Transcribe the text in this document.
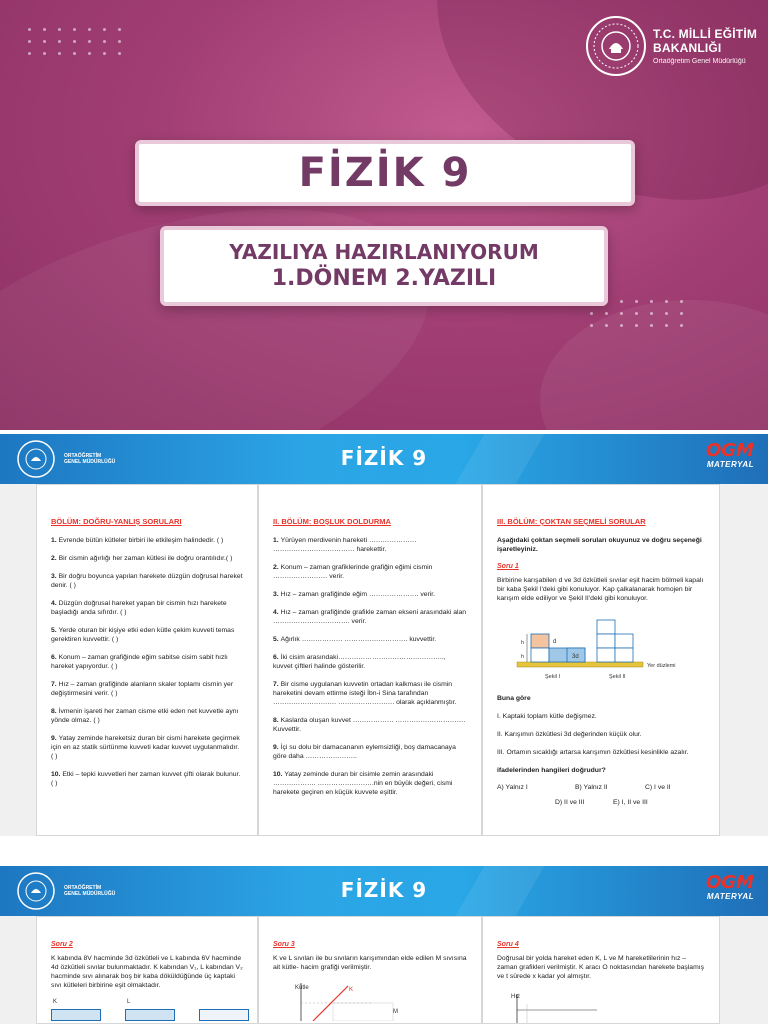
T.C. MİLLİ EĞİTİM
BAKANLIĞI
Ortaöğretim Genel Müdürlüğü
FİZİK 9
YAZILIYA HAZIRLANIYORUM
1.DÖNEM 2.YAZILI
ORTAÖĞRETİM
GENEL MÜDÜRLÜĞÜ	FİZİK 9	OGM
MATERYAL
BÖLÜM: DOĞRU-YANLIŞ SORULARI
1. Evrende bütün kütleler birbiri ile etkileşim halindedir. ( )
2. Bir cismin ağırlığı her zaman kütlesi ile doğru orantılıdır.( )
3. Bir doğru boyunca yapılan harekete düzgün doğrusal hareket denir. ( )
4. Düzgün doğrusal hareket yapan bir cismin hızı harekete başladığı anda sıfırdır. ( )
5. Yerde oturan bir kişiye etki eden kütle çekim kuvveti temas gerektiren kuvvettir. ( )
6. Konum – zaman grafiğinde eğim sabitse cisim sabit hızlı hareket yapıyordur. ( )
7. Hız – zaman grafiğinde alanların skaler toplamı cismin yer değiştirmesini verir. ( )
8. İvmenin işareti her zaman cisme etki eden net kuvvetle aynı yönde olmaz. ( )
9. Yatay zeminde hareketsiz duran bir cismi harekete geçirmek için en az statik sürtünme kuvveti kadar kuvvet uygulanmalıdır. ( )
10. Etki – tepki kuvvetleri her zaman kuvvet çifti olarak bulunur. ( )
II. BÖLÜM: BOŞLUK DOLDURMA
1. Yürüyen merdivenin hareketi ………………… ……………………………… harekettir.
2. Konum – zaman grafiklerinde grafiğin eğimi cismin …………………… verir.
3. Hız – zaman grafiğinde eğim …………………. verir.
4. Hız – zaman grafiğinde grafikle zaman ekseni arasındaki alan ……………………………. verir.
5. Ağırlık ……………… ………………………. kuvvettir.
6. İki cisim arasındaki……………………………………….., kuvvet çiftleri halinde gösterilir.
7. Bir cisme uygulanan kuvvetin ortadan kalkması ile cismin hareketini devam ettirme isteği İbn-i Sina tarafından ………………………. ……………………. olarak açıklanmıştır.
8. Kaslarda oluşan kuvvet ……………… …………………………. Kuvvettir.
9. İçi su dolu bir damacananın eylemsizliği, boş damacanaya göre daha …………………..
10. Yatay zeminde duran bir cisimle zemin arasındaki ………………. …………………….nin en büyük değeri, cismi harekete geçiren en küçük kuvvete eşittir.
III. BÖLÜM: ÇOKTAN SEÇMELİ SORULAR
Aşağıdaki çoktan seçmeli soruları okuyunuz ve doğru seçeneği işaretleyiniz.
Soru 1
Birbirine karışabilen d ve 3d özkütleli sıvılar eşit hacim bölmeli kapalı bir kaba Şekil I'deki gibi konuluyor. Kap çalkalanarak homojen bir karışım elde ediliyor ve Şekil II'deki gibi konuluyor.
Yer düzlemi
d
3d
h
h
Şekil I	Şekil II
Buna göre
I. Kaptaki toplam kütle değişmez.
II. Karışımın özkütlesi 3d değerinden küçük olur.
III. Ortamın sıcaklığı artarsa karışımın özkütlesi kesinlikle azalır.
ifadelerinden hangileri doğrudur?
A) Yalnız I	B) Yalnız II	C) I ve II
D) II ve III	E) I, II ve III
ORTAÖĞRETİM
GENEL MÜDÜRLÜĞÜ	FİZİK 9	OGM
MATERYAL
Soru 2
K kabında 8V hacminde 3d özkütleli ve L kabında 6V hacminde 4d özkütleli sıvılar bulunmaktadır. K kabından V₁, L kabından V₂ hacminde sıvı alınarak boş bir kaba döküldüğünde üç kaptaki sıvı kütleleri birbirine eşit olmaktadır.
K	L
Soru 3
K ve L sıvıları ile bu sıvıların karışımından elde edilen M sıvısına ait kütle- hacim grafiği verilmiştir.
Kütle	K
M
Soru 4
Doğrusal bir yolda hareket eden K, L ve M hareketlilerinin hız – zaman grafikleri verilmiştir. K aracı O noktasından harekete başlamış ve t sürede x kadar yol almıştır.
Hız
